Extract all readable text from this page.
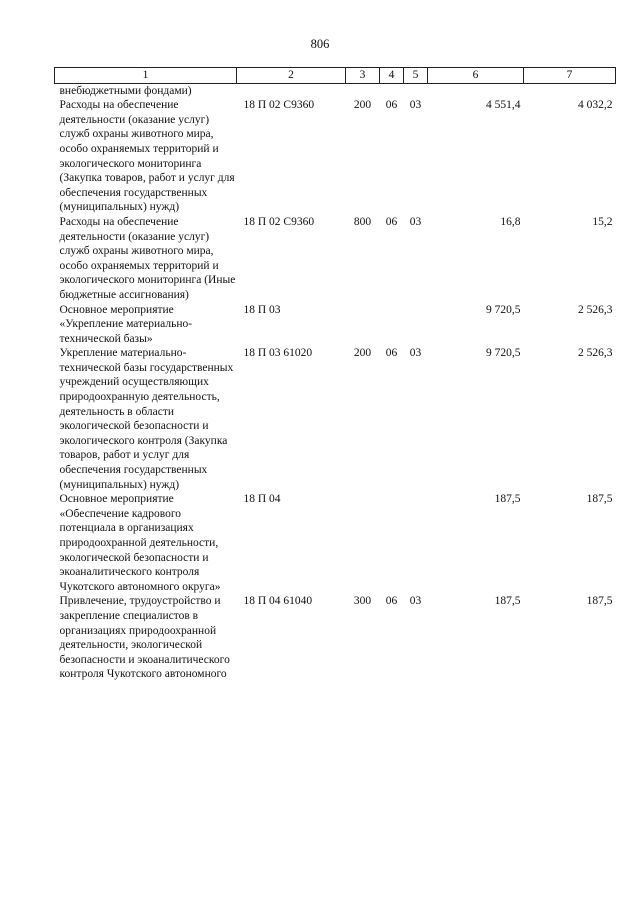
806
1	2	3	4	5	6	7
внебюджетными фондами)						
Расходы на обеспечение деятельности (оказание услуг) служб охраны животного мира, особо охраняемых территорий и экологического мониторинга (Закупка товаров, работ и услуг для обеспечения государственных (муниципальных) нужд)	18 П 02 С9360	200	06	03	4 551,4	4 032,2
Расходы на обеспечение деятельности (оказание услуг) служб охраны животного мира, особо охраняемых территорий и экологического мониторинга (Иные бюджетные ассигнования)	18 П 02 С9360	800	06	03	16,8	15,2
Основное мероприятие «Укрепление материально-технической базы»	18 П 03				9 720,5	2 526,3
Укрепление материально-технической базы государственных учреждений осуществляющих природоохранную деятельность, деятельность в области экологической безопасности и экологического контроля (Закупка товаров, работ и услуг для обеспечения государственных (муниципальных) нужд)	18 П 03 61020	200	06	03	9 720,5	2 526,3
Основное мероприятие «Обеспечение кадрового потенциала в организациях природоохранной деятельности, экологической безопасности и экоаналитического контроля Чукотского автономного округа»	18 П 04				187,5	187,5
Привлечение, трудоустройство и закрепление специалистов в организациях природоохранной деятельности, экологической безопасности и экоаналитического контроля Чукотского автономного	18 П 04 61040	300	06	03	187,5	187,5
